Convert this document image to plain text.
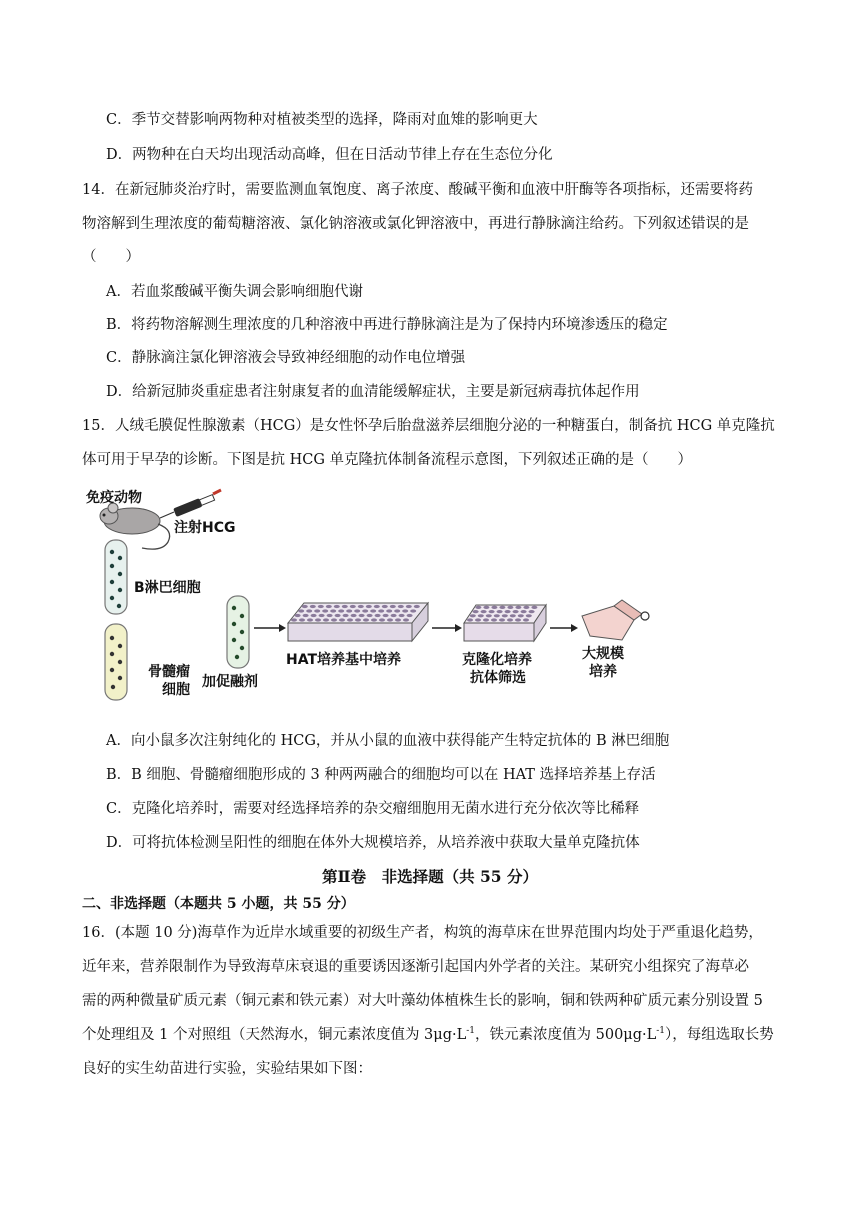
C．季节交替影响两物种对植被类型的选择，降雨对血雉的影响更大
D．两物种在白天均出现活动高峰，但在日活动节律上存在生态位分化
14．在新冠肺炎治疗时，需要监测血氧饱度、离子浓度、酸碱平衡和血液中肝酶等各项指标，还需要将药
物溶解到生理浓度的葡萄糖溶液、氯化钠溶液或氯化钾溶液中，再进行静脉滴注给药。下列叙述错误的是
（　　）
A．若血浆酸碱平衡失调会影响细胞代谢
B．将药物溶解测生理浓度的几种溶液中再进行静脉滴注是为了保持内环境渗透压的稳定
C．静脉滴注氯化钾溶液会导致神经细胞的动作电位增强
D．给新冠肺炎重症患者注射康复者的血清能缓解症状，主要是新冠病毒抗体起作用
15．人绒毛膜促性腺激素（HCG）是女性怀孕后胎盘滋养层细胞分泌的一种糖蛋白，制备抗 HCG 单克隆抗
体可用于早孕的诊断。下图是抗 HCG 单克隆抗体制备流程示意图，下列叙述正确的是（　　）
免疫动物
注射HCG
B淋巴细胞
骨髓瘤
细胞 加促融剂
HAT培养基中培养	克隆化培养
抗体筛选
大规模
培养
A．向小鼠多次注射纯化的 HCG，并从小鼠的血液中获得能产生特定抗体的 B 淋巴细胞
B．B 细胞、骨髓瘤细胞形成的 3 种两两融合的细胞均可以在 HAT 选择培养基上存活
C．克隆化培养时，需要对经选择培养的杂交瘤细胞用无菌水进行充分依次等比稀释
D．可将抗体检测呈阳性的细胞在体外大规模培养，从培养液中获取大量单克隆抗体
第Ⅱ卷　非选择题（共 55 分）
二、非选择题（本题共 5 小题，共 55 分）
16．(本题 10 分)海草作为近岸水域重要的初级生产者，构筑的海草床在世界范围内均处于严重退化趋势，
近年来，营养限制作为导致海草床衰退的重要诱因逐渐引起国内外学者的关注。某研究小组探究了海草必
需的两种微量矿质元素（铜元素和铁元素）对大叶藻幼体植株生长的影响，铜和铁两种矿质元素分别设置 5
个处理组及 1 个对照组（天然海水，铜元素浓度值为 $3\mu g\cdot L^{-1}$，铁元素浓度值为 $500\mu g\cdot L^{-1}$），每组选取长势
良好的实生幼苗进行实验，实验结果如下图：
